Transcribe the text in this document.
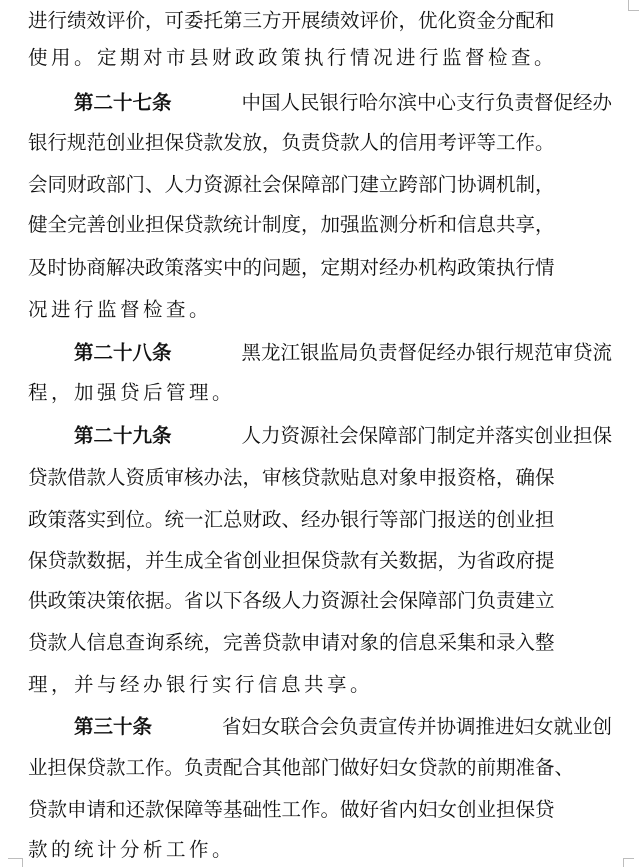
进行绩效评价，可委托第三方开展绩效评价，优化资金分配和
使用。定期对市县财政政策执行情况进行监督检查。
第二十七条	中国人民银行哈尔滨中心支行负责督促经办
银行规范创业担保贷款发放，负责贷款人的信用考评等工作。
会同财政部门、人力资源社会保障部门建立跨部门协调机制，
健全完善创业担保贷款统计制度，加强监测分析和信息共享，
及时协商解决政策落实中的问题，定期对经办机构政策执行情
况进行监督检查。
第二十八条	黑龙江银监局负责督促经办银行规范审贷流
程，加强贷后管理。
第二十九条	人力资源社会保障部门制定并落实创业担保
贷款借款人资质审核办法，审核贷款贴息对象申报资格，确保
政策落实到位。统一汇总财政、经办银行等部门报送的创业担
保贷款数据，并生成全省创业担保贷款有关数据，为省政府提
供政策决策依据。省以下各级人力资源社会保障部门负责建立
贷款人信息查询系统，完善贷款申请对象的信息采集和录入整
理，并与经办银行实行信息共享。
第三十条	省妇女联合会负责宣传并协调推进妇女就业创
业担保贷款工作。负责配合其他部门做好妇女贷款的前期准备、
贷款申请和还款保障等基础性工作。做好省内妇女创业担保贷
款的统计分析工作。
